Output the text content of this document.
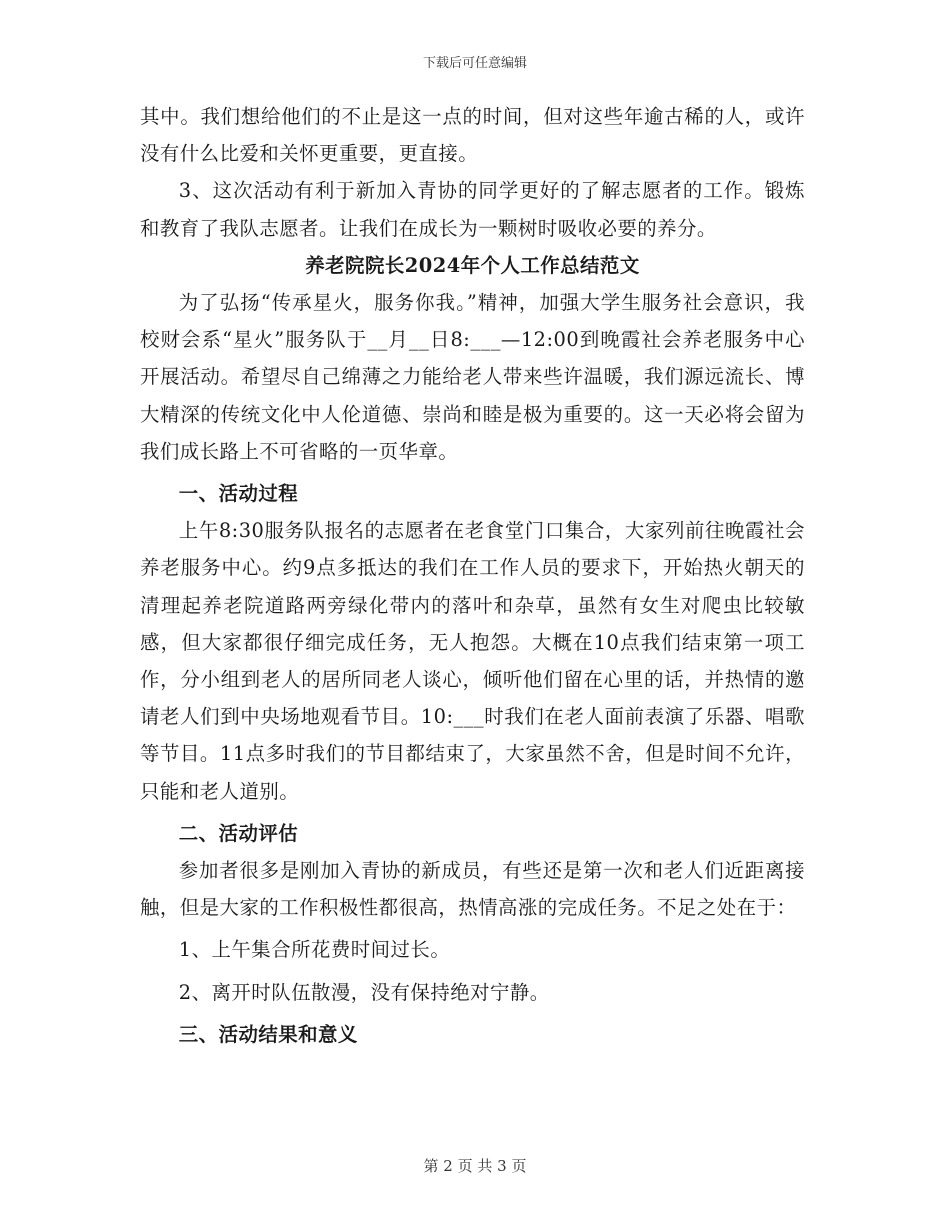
下载后可任意编辑

其中。我们想给他们的不止是这一点的时间，但对这些年逾古稀的人，或许没有什么比爱和关怀更重要，更直接。

3、这次活动有利于新加入青协的同学更好的了解志愿者的工作。锻炼和教育了我队志愿者。让我们在成长为一颗树时吸收必要的养分。

养老院院长2024年个人工作总结范文

为了弘扬“传承星火，服务你我。”精神，加强大学生服务社会意识，我校财会系“星火”服务队于__月__日8:___—12:00到晚霞社会养老服务中心开展活动。希望尽自己绵薄之力能给老人带来些许温暖，我们源远流长、博大精深的传统文化中人伦道德、崇尚和睦是极为重要的。这一天必将会留为我们成长路上不可省略的一页华章。

一、活动过程

上午8:30服务队报名的志愿者在老食堂门口集合，大家列前往晚霞社会养老服务中心。约9点多抵达的我们在工作人员的要求下，开始热火朝天的清理起养老院道路两旁绿化带内的落叶和杂草，虽然有女生对爬虫比较敏感，但大家都很仔细完成任务，无人抱怨。大概在10点我们结束第一项工作，分小组到老人的居所同老人谈心，倾听他们留在心里的话，并热情的邀请老人们到中央场地观看节目。10:___时我们在老人面前表演了乐器、唱歌等节目。11点多时我们的节目都结束了，大家虽然不舍，但是时间不允许，只能和老人道别。

二、活动评估

参加者很多是刚加入青协的新成员，有些还是第一次和老人们近距离接触，但是大家的工作积极性都很高，热情高涨的完成任务。不足之处在于：

1、上午集合所花费时间过长。

2、离开时队伍散漫，没有保持绝对宁静。

三、活动结果和意义

第 2 页 共 3 页
